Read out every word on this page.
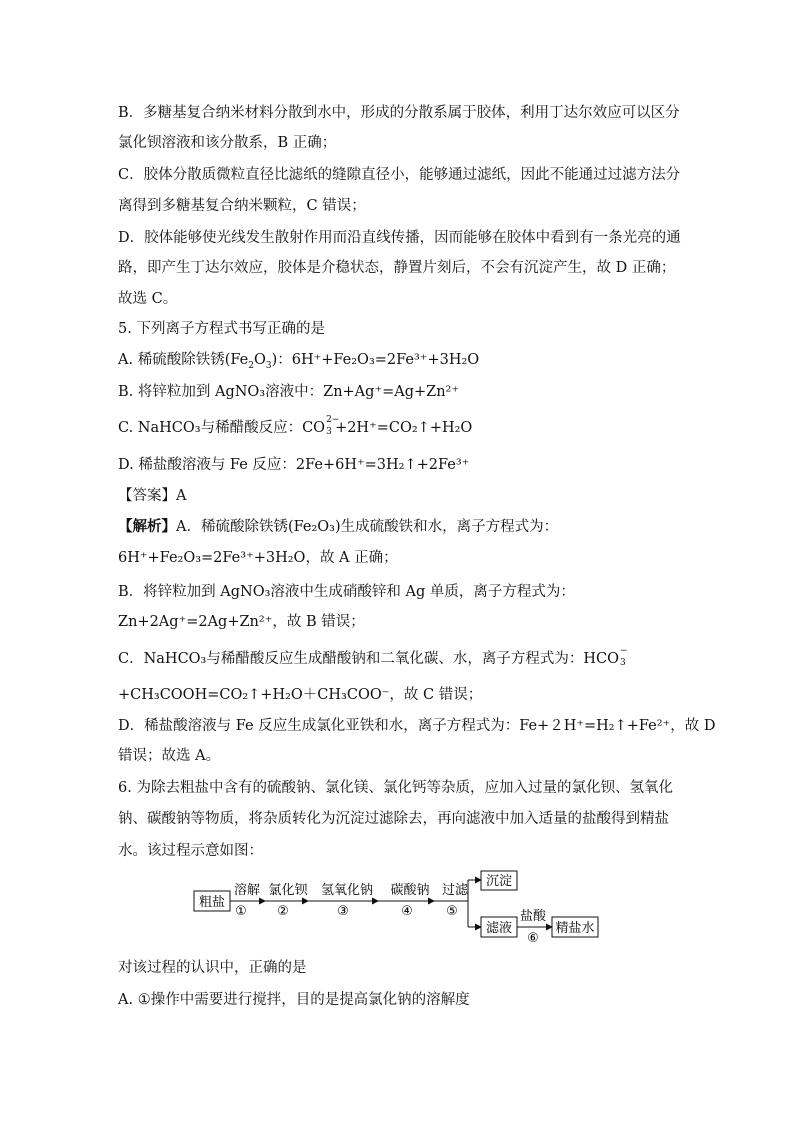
B．多糖基复合纳米材料分散到水中，形成的分散系属于胶体，利用丁达尔效应可以区分
氯化钡溶液和该分散系，B 正确；
C．胶体分散质微粒直径比滤纸的缝隙直径小，能够通过滤纸，因此不能通过过滤方法分
离得到多糖基复合纳米颗粒，C 错误；
D．胶体能够使光线发生散射作用而沿直线传播，因而能够在胶体中看到有一条光亮的通
路，即产生丁达尔效应，胶体是介稳状态，静置片刻后，不会有沉淀产生，故 D 正确；
故选 C。
5. 下列离子方程式书写正确的是
A. 稀硫酸除铁锈$(Fe_2O_3)$：6H⁺+Fe₂O₃=2Fe³⁺+3H₂O
B. 将锌粒加到 AgNO₃溶液中：Zn+Ag⁺=Ag+Zn²⁺
C. NaHCO₃与稀醋酸反应：CO 2−
3 +2H⁺=CO₂↑+H₂O
D. 稀盐酸溶液与 Fe 反应：2Fe+6H⁺=3H₂↑+2Fe³⁺
【答案】A
【解析】A．稀硫酸除铁锈(Fe₂O₃)生成硫酸铁和水，离子方程式为：
6H⁺+Fe₂O₃=2Fe³⁺+3H₂O，故 A 正确；
B．将锌粒加到 AgNO₃溶液中生成硝酸锌和 Ag 单质，离子方程式为：
Zn+2Ag⁺=2Ag+Zn²⁺，故 B 错误；
C．NaHCO₃与稀醋酸反应生成醋酸钠和二氧化碳、水，离子方程式为：HCO −
3
+CH₃COOH=CO₂↑+H₂O＋CH₃COO⁻，故 C 错误；
D．稀盐酸溶液与 Fe 反应生成氯化亚铁和水，离子方程式为：Fe+２H⁺=H₂↑+Fe²⁺，故 D
错误；故选 A。
6. 为除去粗盐中含有的硫酸钠、氯化镁、氯化钙等杂质，应加入过量的氯化钡、氢氧化
钠、碳酸钠等物质，将杂质转化为沉淀过滤除去，再向滤液中加入适量的盐酸得到精盐
水。该过程示意如图：
粗盐
溶解
①
氯化钡
②
氢氧化钠
③
碳酸钠
④
过滤
⑤
沉淀
滤液
盐酸
⑥
精盐水
对该过程的认识中，正确的是
A. ①操作中需要进行搅拌，目的是提高氯化钠的溶解度
